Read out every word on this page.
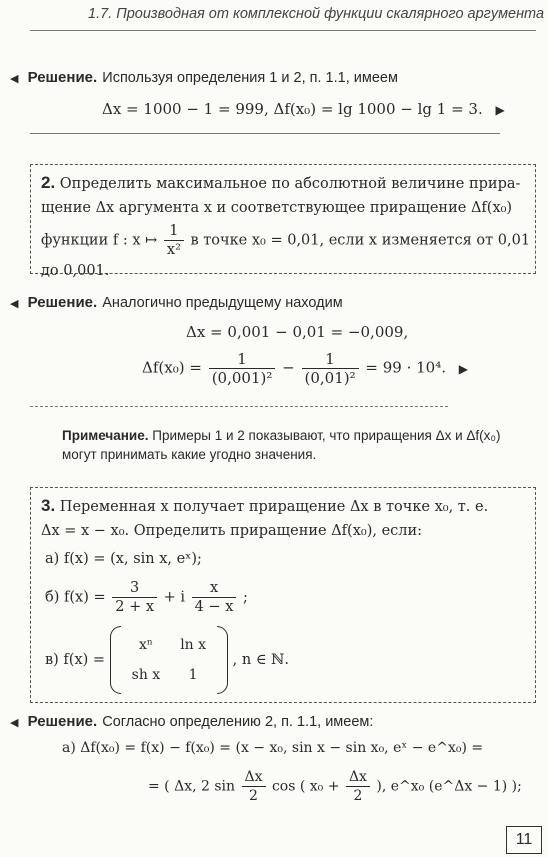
1.7. Производная от комплексной функции скалярного аргумента
◀ Решение. Используя определения 1 и 2, п. 1.1, имеем
Δx = 1000 − 1 = 999, Δf(x₀) = lg 1000 − lg 1 = 3. ▶
2. Определить максимальное по абсолютной величине прира-
щение Δx аргумента x и соответствующее приращение Δf(x₀)
функции f : x ↦ $\frac{1}{\text{x²}}$ в точке x₀ = 0,01, если x изменяется от 0,01
до 0,001.
◀ Решение. Аналогично предыдущему находим
Δx = 0,001 − 0,01 = −0,009,
$\Delta f(x_0) = \frac{1}{\text{(0,001)²}} - \frac{1}{\text{(0,01)²}} = 99 \cdot 10^4$. ▶
Примечание. Примеры 1 и 2 показывают, что приращения Δx и Δf(x₀) могут принимать какие угодно значения.
3. Переменная x получает приращение Δx в точке x₀, т. е.
Δx = x − x₀. Определить приращение Δf(x₀), если:
а) f(x) = (x, sin x, eˣ);
б) $f(x) = \frac{3}{2 + x} + i \frac{x}{4 - x}$ ;
в) f(x) =
xⁿ	ln x
sh x	1
, n ∈ ℕ.
◀ Решение. Согласно определению 2, п. 1.1, имеем:
а) Δf(x₀) = f(x) − f(x₀) = (x − x₀, sin x − sin x₀, eˣ − e^x₀) =
= ( Δx, 2 $\sin \frac{\Delta x}{2}$ cos ( $x_0 + \frac{\Delta x}{2}$ ), e^x₀ (e^Δx − 1) );
11
